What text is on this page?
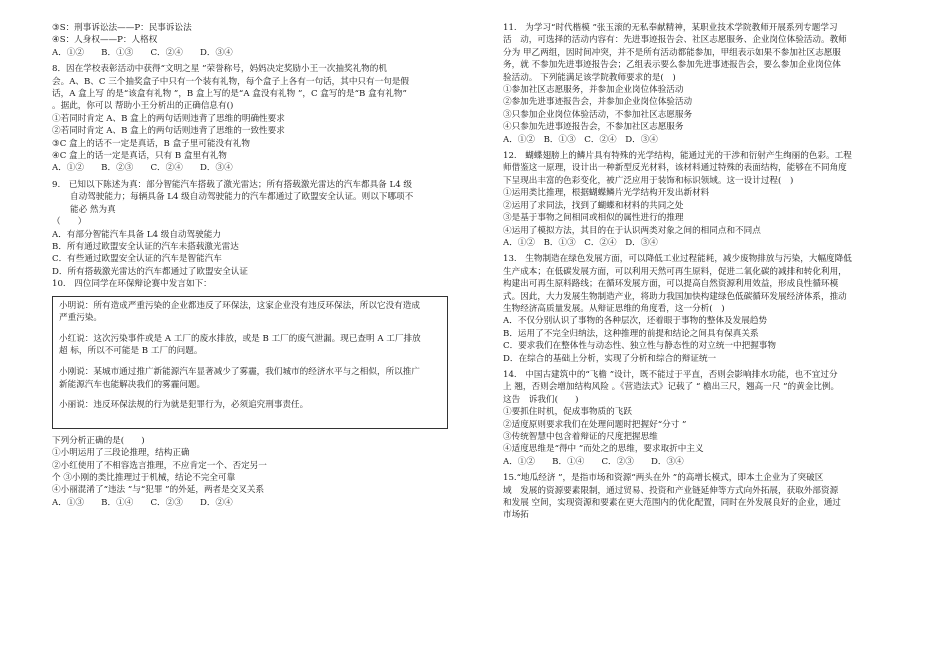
③S：刑事诉讼法——P：民事诉讼法
④S：人身权——P：人格权
A．①②　　B．①③　　C．②④　　D．③④
8．因在学校表彰活动中获得“文明之星 ”荣誉称号，妈妈决定奖励小王一次抽奖礼物的机
会。A、B、C 三个抽奖盒子中只有一个装有礼物，每个盒子上各有一句话，其中只有一句是假
话，A 盒上写 的是“该盒有礼物 ”，B 盒上写的是“A 盒没有礼物 ”，C 盒写的是“B 盒有礼物”
。据此，你可以 帮助小王分析出的正确信息有()
①若同时肯定 A、B 盒上的两句话则违背了思维的明确性要求
②若同时肯定 A、B 盒上的两句话则违背了思维的一致性要求
③C 盒上的话不一定是真话，B 盒子里可能没有礼物
④C 盒上的话一定是真话，只有 B 盒里有礼物
A．①②　　B．②③　　C．②④　　D．③④
9.　已知以下陈述为真：部分智能汽车搭载了激光雷达；所有搭载激光雷达的汽车都具备 L4 级
自动驾驶能力；每辆具备 L4 级自动驾驶能力的汽车都通过了欧盟安全认证。则以下哪项不
能必 然为真
（　　）
A．有部分智能汽车具备 L4 级自动驾驶能力
B．所有通过欧盟安全认证的汽车未搭载激光雷达
C．有些通过欧盟安全认证的汽车是智能汽车
D．所有搭载激光雷达的汽车都通过了欧盟安全认证
10.　四位同学在环保辩论赛中发言如下：
小明说：所有造成严重污染的企业都违反了环保法，这家企业没有违反环保法，所以它没有造成
严重污染。
小红说：这次污染事件或是 A 工厂的废水排放，或是 B 工厂的废气泄漏。现已查明 A 工厂排放
超 标，所以不可能是 B 工厂的问题。
小刚说：某城市通过推广新能源汽车显著减少了雾霾，我们城市的经济水平与之相似，所以推广
新能源汽车也能解决我们的雾霾问题。
小丽说：违反环保法规的行为就是犯罪行为，必须追究刑事责任。
下列分析正确的是(　　)
①小明运用了三段论推理，结构正确
②小红使用了不相容选言推理，不应肯定一个、否定另一
个 ③小刚的类比推理过于机械，结论不完全可靠
④小丽混淆了“违法 ”与“犯罪 ”的外延，两者是交叉关系
A．①③　　B．①④　　C．②③　　D．②④
11.　为学习“时代楷模 ”张玉滚的无私奉献精神，某职业技术学院教师开展系列专题学习
活　动，可选择的活动内容有：先进事迹报告会、社区志愿服务、企业岗位体验活动。教师
分为 甲乙两组，因时间冲突，并不是所有活动都能参加，甲组表示如果不参加社区志愿服
务，就 不参加先进事迹报告会；乙组表示要么参加先进事迹报告会，要么参加企业岗位体
验活动。 下列能满足该学院教师要求的是(　)
①参加社区志愿服务，并参加企业岗位体验活动
②参加先进事迹报告会，并参加企业岗位体验活动
③只参加企业岗位体验活动，不参加社区志愿服务
④只参加先进事迹报告会，不参加社区志愿服务
A．①②　B．①③　C．②④　D．③④
12.　蝴蝶翅膀上的鳞片具有特殊的光学结构，能通过光的干涉和衍射产生绚丽的色彩。工程
师借鉴这一原理，设计出一种新型反光材料，该材料通过特殊的表面结构，能够在不同角度
下呈现出丰富的色彩变化，被广泛应用于装饰和标识领域。这一设计过程(　)
①运用类比推理，根据蝴蝶鳞片光学结构开发出新材料
②运用了求同法，找到了蝴蝶和材料的共同之处
③是基于事物之间相同或相似的属性进行的推理
④运用了模拟方法，其目的在于认识两类对象之间的相同点和不同点
A．①②　B．①③　C．②④　D．③④
13.　生物制造在绿色发展方面，可以降低工业过程能耗，减少废物排放与污染，大幅度降低
生产成本；在低碳发展方面，可以利用天然可再生原料，促进二氧化碳的减排和转化利用，
构建出可再生原料路线；在循环发展方面，可以提高自然资源利用效益，形成良性循环模
式。因此，大力发展生物制造产业，将助力我国加快构建绿色低碳循环发展经济体系，推动
生物经济高质量发展。从辩证思维的角度看，这一分析(　)
A．不仅分别认识了事物的各种层次，还着眼于事物的整体及发展趋势
B．运用了不完全归纳法，这种推理的前提和结论之间具有保真关系
C．要求我们在整体性与动态性、独立性与静态性的对立统一中把握事物
D．在综合的基础上分析，实现了分析和综合的辩证统一
14.　中国古建筑中的“飞檐 ”设计，既不能过于平直，否则会影响排水功能，也不宜过分
上 翘，否则会增加结构风险 。《营造法式》记载了 “ 檐出三尺，翘高一尺 ”的黄金比例。
这告　诉我们(　　)
①要抓住时机，促成事物质的飞跃
②适度原则要求我们在处理问题时把握好“分寸 ”
③传统智慧中包含着辩证的尺度把握思维
④适度思维是“得中 ”而处之的思维，要求取折中主义
A．①②　　B．①④　　C．②③　　D．③④
15.“地瓜经济 ”，是指市场和资源“两头在外 ”的高增长模式，即本土企业为了突破区
域　发展的资源要素限制，通过贸易、投资和产业链延伸等方式向外拓展，获取外部资源
和发展 空间，实现资源和要素在更大范围内的优化配置，同时在外发展良好的企业，通过
市场拓
